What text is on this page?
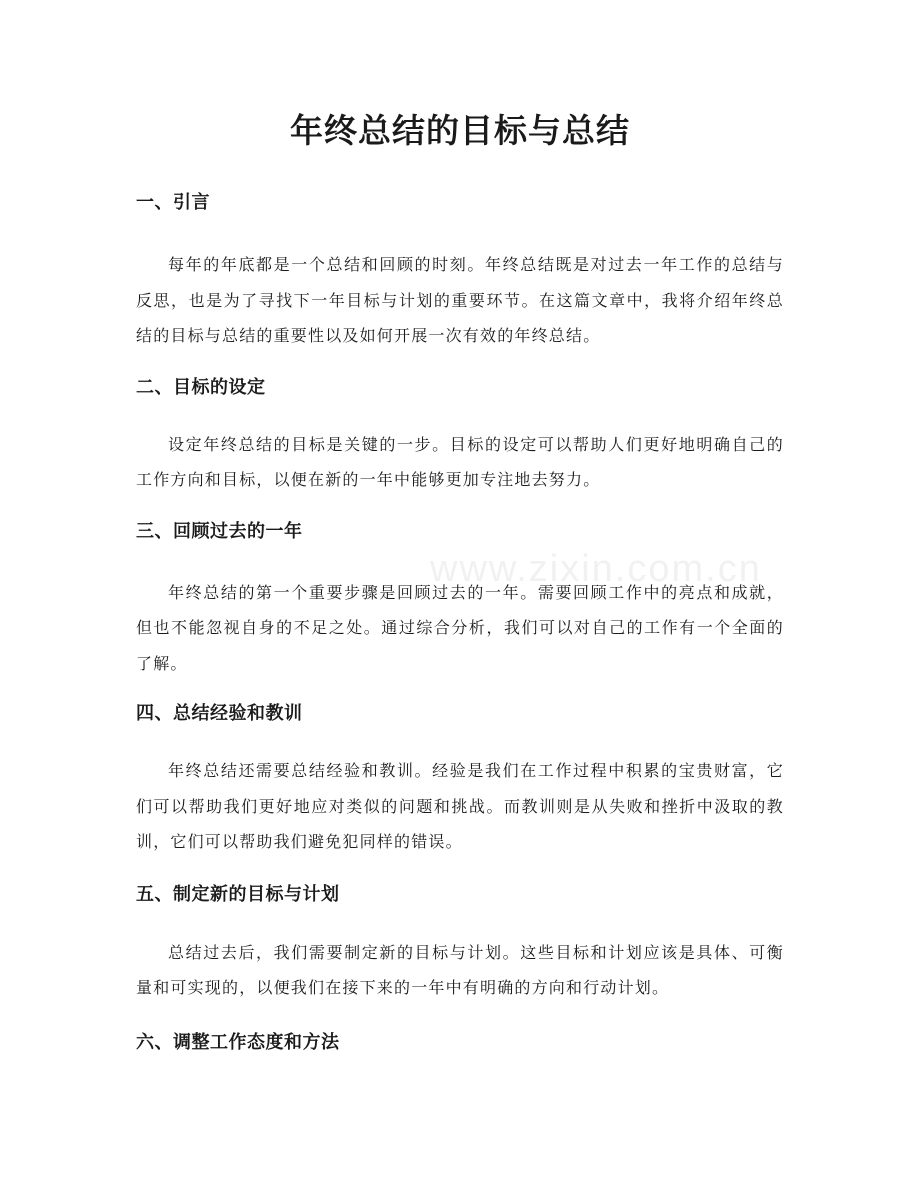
年终总结的目标与总结
www.zixin.com.cn
一、引言

每年的年底都是一个总结和回顾的时刻。年终总结既是对过去一年工作的总结与反思，也是为了寻找下一年目标与计划的重要环节。在这篇文章中，我将介绍年终总结的目标与总结的重要性以及如何开展一次有效的年终总结。

二、目标的设定

设定年终总结的目标是关键的一步。目标的设定可以帮助人们更好地明确自己的工作方向和目标，以便在新的一年中能够更加专注地去努力。

三、回顾过去的一年

年终总结的第一个重要步骤是回顾过去的一年。需要回顾工作中的亮点和成就，但也不能忽视自身的不足之处。通过综合分析，我们可以对自己的工作有一个全面的了解。

四、总结经验和教训

年终总结还需要总结经验和教训。经验是我们在工作过程中积累的宝贵财富，它们可以帮助我们更好地应对类似的问题和挑战。而教训则是从失败和挫折中汲取的教训，它们可以帮助我们避免犯同样的错误。

五、制定新的目标与计划

总结过去后，我们需要制定新的目标与计划。这些目标和计划应该是具体、可衡量和可实现的，以便我们在接下来的一年中有明确的方向和行动计划。

六、调整工作态度和方法
